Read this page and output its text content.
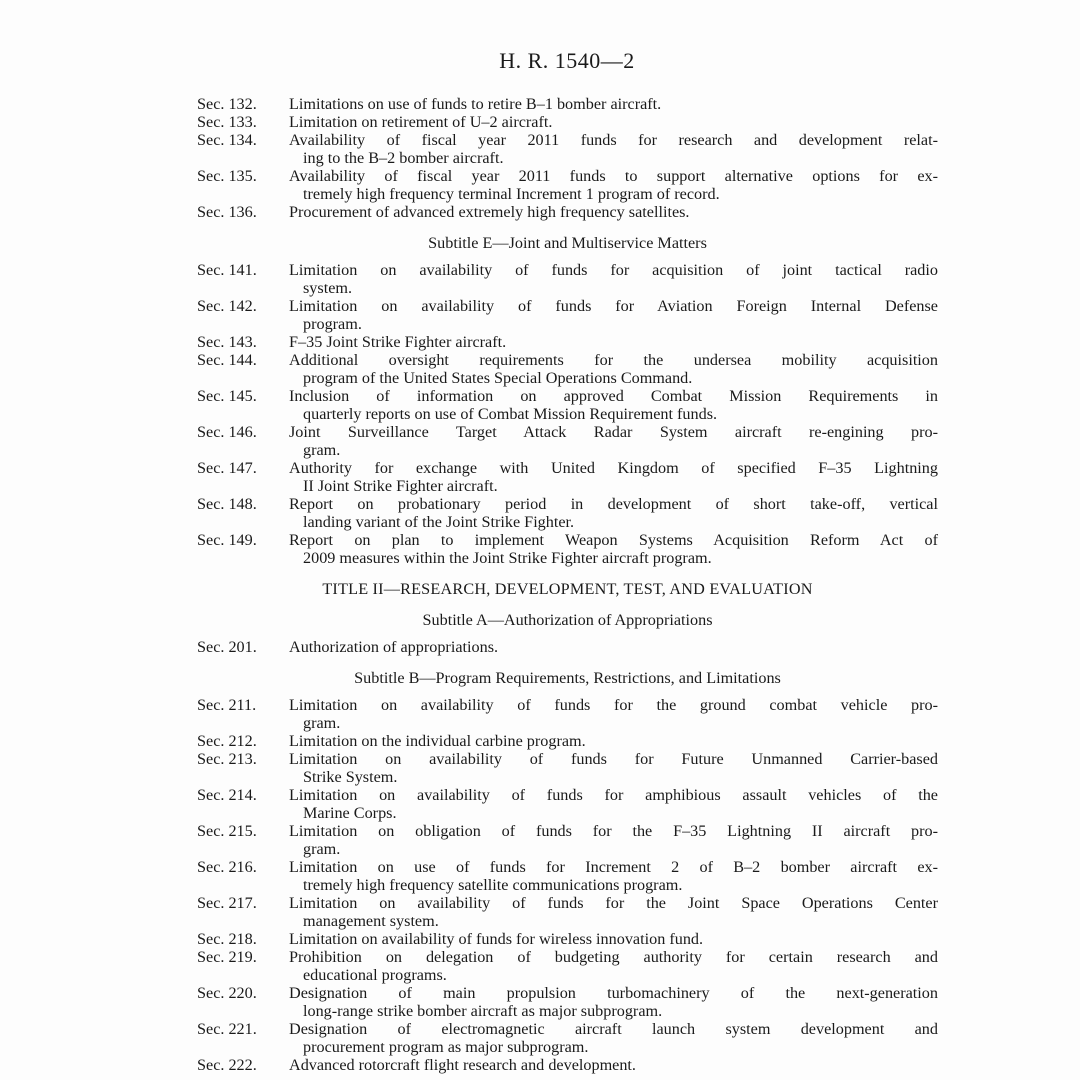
H. R. 1540—2
Sec. 132.	Limitations on use of funds to retire B–1 bomber aircraft.
Sec. 133.	Limitation on retirement of U–2 aircraft.
Sec. 134.	Availability of fiscal year 2011 funds for research and development relat-
ing to the B–2 bomber aircraft.
Sec. 135.	Availability of fiscal year 2011 funds to support alternative options for ex-
tremely high frequency terminal Increment 1 program of record.
Sec. 136.	Procurement of advanced extremely high frequency satellites.
Subtitle E—Joint and Multiservice Matters
Sec. 141.	Limitation on availability of funds for acquisition of joint tactical radio
system.
Sec. 142.	Limitation on availability of funds for Aviation Foreign Internal Defense
program.
Sec. 143.	F–35 Joint Strike Fighter aircraft.
Sec. 144.	Additional oversight requirements for the undersea mobility acquisition
program of the United States Special Operations Command.
Sec. 145.	Inclusion of information on approved Combat Mission Requirements in
quarterly reports on use of Combat Mission Requirement funds.
Sec. 146.	Joint Surveillance Target Attack Radar System aircraft re-engining pro-
gram.
Sec. 147.	Authority for exchange with United Kingdom of specified F–35 Lightning
II Joint Strike Fighter aircraft.
Sec. 148.	Report on probationary period in development of short take-off, vertical
landing variant of the Joint Strike Fighter.
Sec. 149.	Report on plan to implement Weapon Systems Acquisition Reform Act of
2009 measures within the Joint Strike Fighter aircraft program.
TITLE II—RESEARCH, DEVELOPMENT, TEST, AND EVALUATION
Subtitle A—Authorization of Appropriations
Sec. 201.	Authorization of appropriations.
Subtitle B—Program Requirements, Restrictions, and Limitations
Sec. 211.	Limitation on availability of funds for the ground combat vehicle pro-
gram.
Sec. 212.	Limitation on the individual carbine program.
Sec. 213.	Limitation on availability of funds for Future Unmanned Carrier-based
Strike System.
Sec. 214.	Limitation on availability of funds for amphibious assault vehicles of the
Marine Corps.
Sec. 215.	Limitation on obligation of funds for the F–35 Lightning II aircraft pro-
gram.
Sec. 216.	Limitation on use of funds for Increment 2 of B–2 bomber aircraft ex-
tremely high frequency satellite communications program.
Sec. 217.	Limitation on availability of funds for the Joint Space Operations Center
management system.
Sec. 218.	Limitation on availability of funds for wireless innovation fund.
Sec. 219.	Prohibition on delegation of budgeting authority for certain research and
educational programs.
Sec. 220.	Designation of main propulsion turbomachinery of the next-generation
long-range strike bomber aircraft as major subprogram.
Sec. 221.	Designation of electromagnetic aircraft launch system development and
procurement program as major subprogram.
Sec. 222.	Advanced rotorcraft flight research and development.
